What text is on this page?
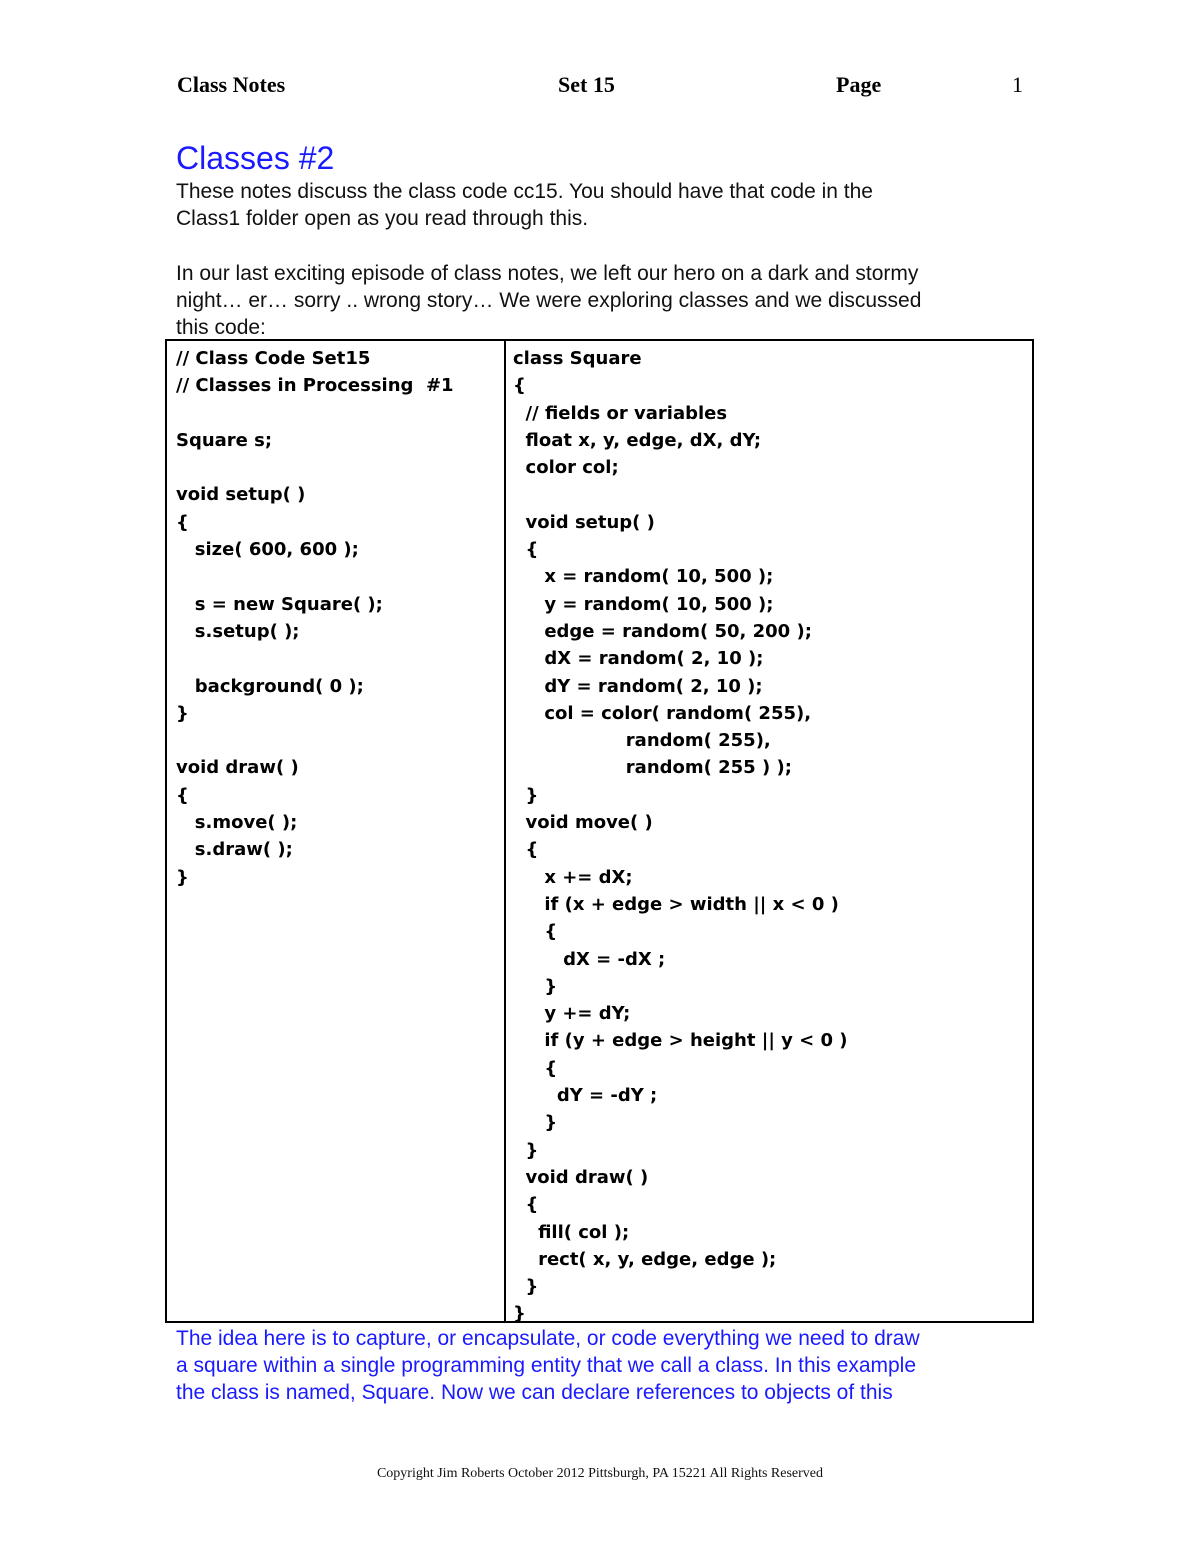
Class Notes	Set 15	Page	1
Classes #2
These notes discuss the class code cc15. You should have that code in the
Class1 folder open as you read through this.
In our last exciting episode of class notes, we left our hero on a dark and stormy
night… er… sorry .. wrong story… We were exploring classes and we discussed
this code:
// Class Code Set15
// Classes in Processing  #1
Square s;
void setup( )
{
size( 600, 600 );
s = new Square( );
s.setup( );
background( 0 );
}
void draw( )
{
s.move( );
s.draw( );
}
class Square
{
// fields or variables
float x, y, edge, dX, dY;
color col;
void setup( )
{
x = random( 10, 500 );
y = random( 10, 500 );
edge = random( 50, 200 );
dX = random( 2, 10 );
dY = random( 2, 10 );
col = color( random( 255),
random( 255),
random( 255 ) );
}
void move( )
{
x += dX;
if (x + edge > width || x < 0 )
{
dX = -dX ;
}
y += dY;
if (y + edge > height || y < 0 )
{
dY = -dY ;
}
}
void draw( )
{
fill( col );
rect( x, y, edge, edge );
}
}
The idea here is to capture, or encapsulate, or code everything we need to draw
a square within a single programming entity that we call a class. In this example
the class is named, Square. Now we can declare references to objects of this
Copyright Jim Roberts October 2012 Pittsburgh, PA 15221 All Rights Reserved
